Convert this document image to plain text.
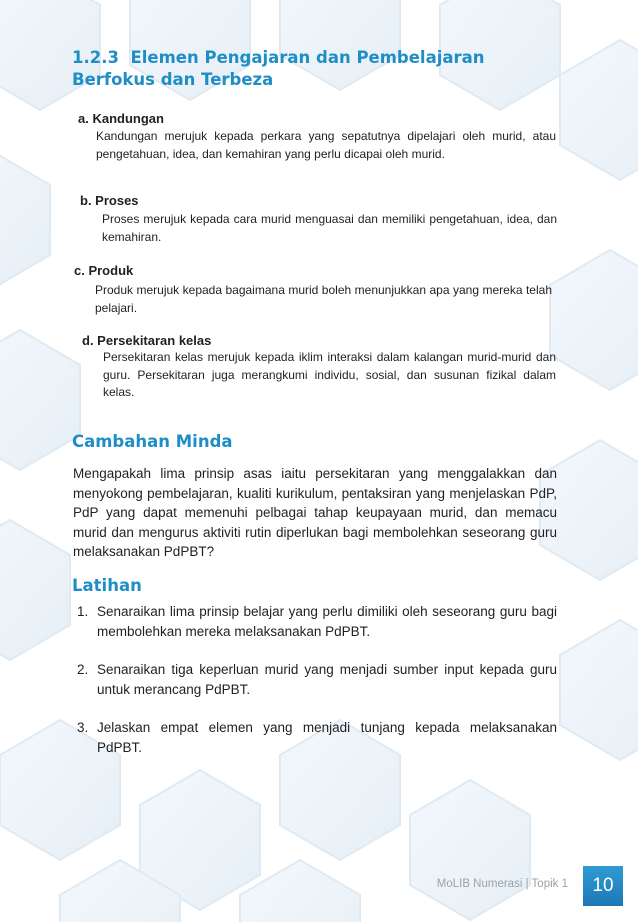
1.2.3 Elemen Pengajaran dan Pembelajaran Berfokus dan Terbeza
a. Kandungan
Kandungan merujuk kepada perkara yang sepatutnya dipelajari oleh murid, atau pengetahuan, idea, dan kemahiran yang perlu dicapai oleh murid.
b. Proses
Proses merujuk kepada cara murid menguasai dan memiliki pengetahuan, idea, dan kemahiran.
c. Produk
Produk merujuk kepada bagaimana murid boleh menunjukkan apa yang mereka telah pelajari.
d. Persekitaran kelas
Persekitaran kelas merujuk kepada iklim interaksi dalam kalangan murid-murid dan guru. Persekitaran juga merangkumi individu, sosial, dan susunan fizikal dalam kelas.
Cambahan Minda
Mengapakah lima prinsip asas iaitu persekitaran yang menggalakkan dan menyokong pembelajaran, kualiti kurikulum, pentaksiran yang menjelaskan PdP, PdP yang dapat memenuhi pelbagai tahap keupayaan murid, dan memacu murid dan mengurus aktiviti rutin diperlukan bagi membolehkan seseorang guru melaksanakan PdPBT?
Latihan
1. Senaraikan lima prinsip belajar yang perlu dimiliki oleh seseorang guru bagi membolehkan mereka melaksanakan PdPBT.
2. Senaraikan tiga keperluan murid yang menjadi sumber input kepada guru untuk merancang PdPBT.
3. Jelaskan empat elemen yang menjadi tunjang kepada melaksanakan PdPBT.
MoLIB Numerasi | Topik 1 10
